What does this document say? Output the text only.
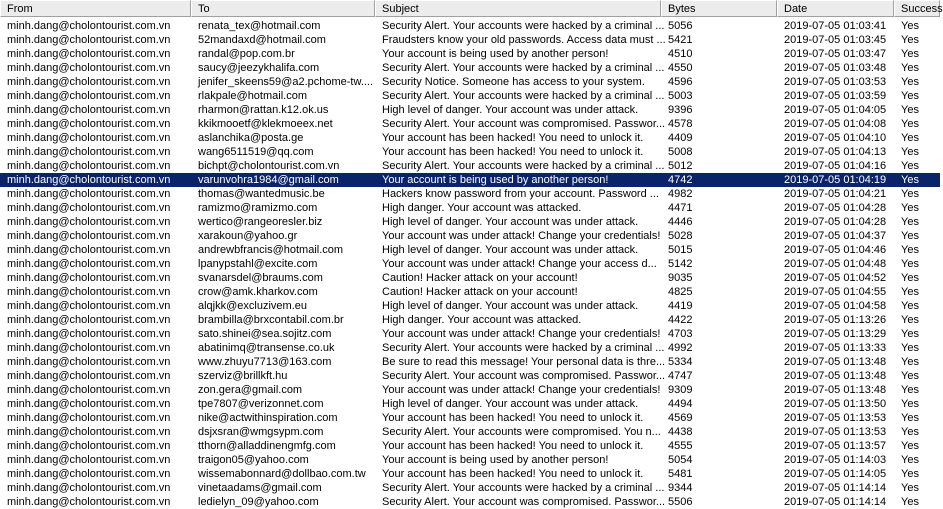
From	To	Subject	Bytes	Date	Success
minh.dang@cholontourist.com.vn	renata_tex@hotmail.com	Security Alert. Your accounts were hacked by a criminal ... 5056	2019-07-05 01:03:41	Yes
minh.dang@cholontourist.com.vn	52mandaxd@hotmail.com	Fraudsters know your old passwords. Access data must ... 5421	2019-07-05 01:03:45	Yes
minh.dang@cholontourist.com.vn	randal@pop.com.br	Your account is being used by another person!	4510	2019-07-05 01:03:47	Yes
minh.dang@cholontourist.com.vn	saucy@jeezykhalifa.com	Security Alert. Your accounts were hacked by a criminal ... 4550	2019-07-05 01:03:48	Yes
minh.dang@cholontourist.com.vn	jenifer_skeens59@a2.pchome-tw.... Security Notice. Someone has access to your system.	4596	2019-07-05 01:03:53	Yes
minh.dang@cholontourist.com.vn	rlakpale@hotmail.com	Security Alert. Your accounts were hacked by a criminal ... 5003	2019-07-05 01:03:59	Yes
minh.dang@cholontourist.com.vn	rharmon@rattan.k12.ok.us	High level of danger. Your account was under attack.	9396	2019-07-05 01:04:05	Yes
minh.dang@cholontourist.com.vn	kkikmooetf@klekmoeex.net	Security Alert. Your account was compromised. Passwor... 4578	2019-07-05 01:04:08	Yes
minh.dang@cholontourist.com.vn	aslanchika@posta.ge	Your account has been hacked! You need to unlock it.	4409	2019-07-05 01:04:10	Yes
minh.dang@cholontourist.com.vn	wang6511519@qq.com	Your account has been hacked! You need to unlock it.	5008	2019-07-05 01:04:13	Yes
minh.dang@cholontourist.com.vn	bichpt@cholontourist.com.vn	Security Alert. Your accounts were hacked by a criminal ... 5012	2019-07-05 01:04:16	Yes
minh.dang@cholontourist.com.vn	varunvohra1984@gmail.com	Your account is being used by another person!	4742	2019-07-05 01:04:19	Yes
minh.dang@cholontourist.com.vn	thomas@wantedmusic.be	Hackers know password from your account. Password ... 4982	2019-07-05 01:04:21	Yes
minh.dang@cholontourist.com.vn	ramizmo@ramizmo.com	High danger. Your account was attacked.	4471	2019-07-05 01:04:28	Yes
minh.dang@cholontourist.com.vn	wertico@rangeoresler.biz	High level of danger. Your account was under attack.	4446	2019-07-05 01:04:28	Yes
minh.dang@cholontourist.com.vn	xarakoun@yahoo.gr	Your account was under attack! Change your credentials! 5028	2019-07-05 01:04:37	Yes
minh.dang@cholontourist.com.vn	andrewbfrancis@hotmail.com	High level of danger. Your account was under attack.	5015	2019-07-05 01:04:46	Yes
minh.dang@cholontourist.com.vn	lpanypstahl@excite.com	Your account was under attack! Change your access d...	5142	2019-07-05 01:04:48	Yes
minh.dang@cholontourist.com.vn	svanarsdel@braums.com	Caution! Hacker attack on your account!	9035	2019-07-05 01:04:52	Yes
minh.dang@cholontourist.com.vn	crow@amk.kharkov.com	Caution! Hacker attack on your account!	4825	2019-07-05 01:04:55	Yes
minh.dang@cholontourist.com.vn	alqjkk@excluzivem.eu	High level of danger. Your account was under attack.	4419	2019-07-05 01:04:58	Yes
minh.dang@cholontourist.com.vn	brambilla@brxcontabil.com.br	High danger. Your account was attacked.	4422	2019-07-05 01:13:26	Yes
minh.dang@cholontourist.com.vn	sato.shinei@sea.sojitz.com	Your account was under attack! Change your credentials! 4703	2019-07-05 01:13:29	Yes
minh.dang@cholontourist.com.vn	abatinimq@transense.co.uk	Security Alert. Your accounts were hacked by a criminal ... 4992	2019-07-05 01:13:33	Yes
minh.dang@cholontourist.com.vn	www.zhuyu7713@163.com	Be sure to read this message! Your personal data is thre... 5334	2019-07-05 01:13:48	Yes
minh.dang@cholontourist.com.vn	szerviz@brillkft.hu	Security Alert. Your account was compromised. Passwor... 4747	2019-07-05 01:13:48	Yes
minh.dang@cholontourist.com.vn	zon.gera@gmail.com	Your account was under attack! Change your credentials! 9309	2019-07-05 01:13:48	Yes
minh.dang@cholontourist.com.vn	tpe7807@verizonnet.com	High level of danger. Your account was under attack.	4494	2019-07-05 01:13:50	Yes
minh.dang@cholontourist.com.vn	nike@actwithinspiration.com	Your account has been hacked! You need to unlock it.	4569	2019-07-05 01:13:53	Yes
minh.dang@cholontourist.com.vn	dsjxsran@wmgsypm.com	Security Alert. Your accounts were compromised. You n... 4438	2019-07-05 01:13:53	Yes
minh.dang@cholontourist.com.vn	tthorn@alladdinengmfg.com	Your account has been hacked! You need to unlock it.	4555	2019-07-05 01:13:57	Yes
minh.dang@cholontourist.com.vn	traigon05@yahoo.com	Your account is being used by another person!	5054	2019-07-05 01:14:03	Yes
minh.dang@cholontourist.com.vn	wissemabonnard@dollbao.com.tw	Your account has been hacked! You need to unlock it.	5481	2019-07-05 01:14:05	Yes
minh.dang@cholontourist.com.vn	vinetaadams@gmail.com	Security Alert. Your accounts were hacked by a criminal ... 9344	2019-07-05 01:14:14	Yes
minh.dang@cholontourist.com.vn	ledielyn_09@yahoo.com	Security Alert. Your account was compromised. Passwor... 5506	2019-07-05 01:14:14	Yes
